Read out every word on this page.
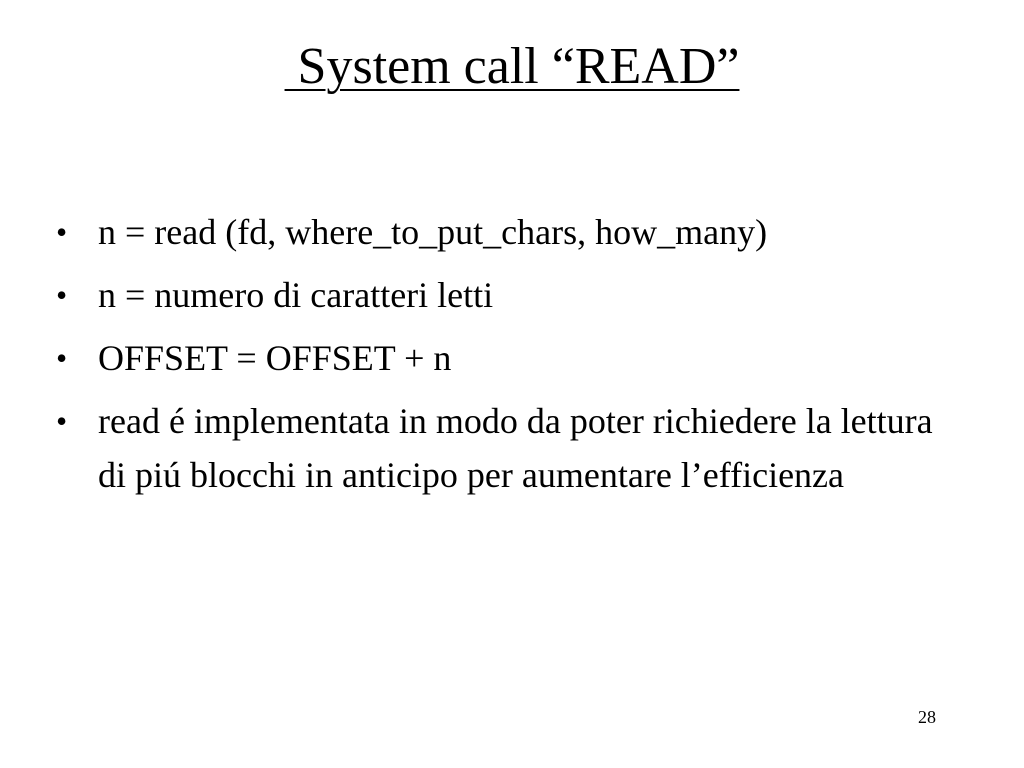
System call “READ”
• n = read (fd, where_to_put_chars, how_many)
• n = numero di caratteri letti
• OFFSET = OFFSET + n
• read é implementata in modo da poter richiedere la lettura di piú blocchi in anticipo per aumentare l’efficienza
28
